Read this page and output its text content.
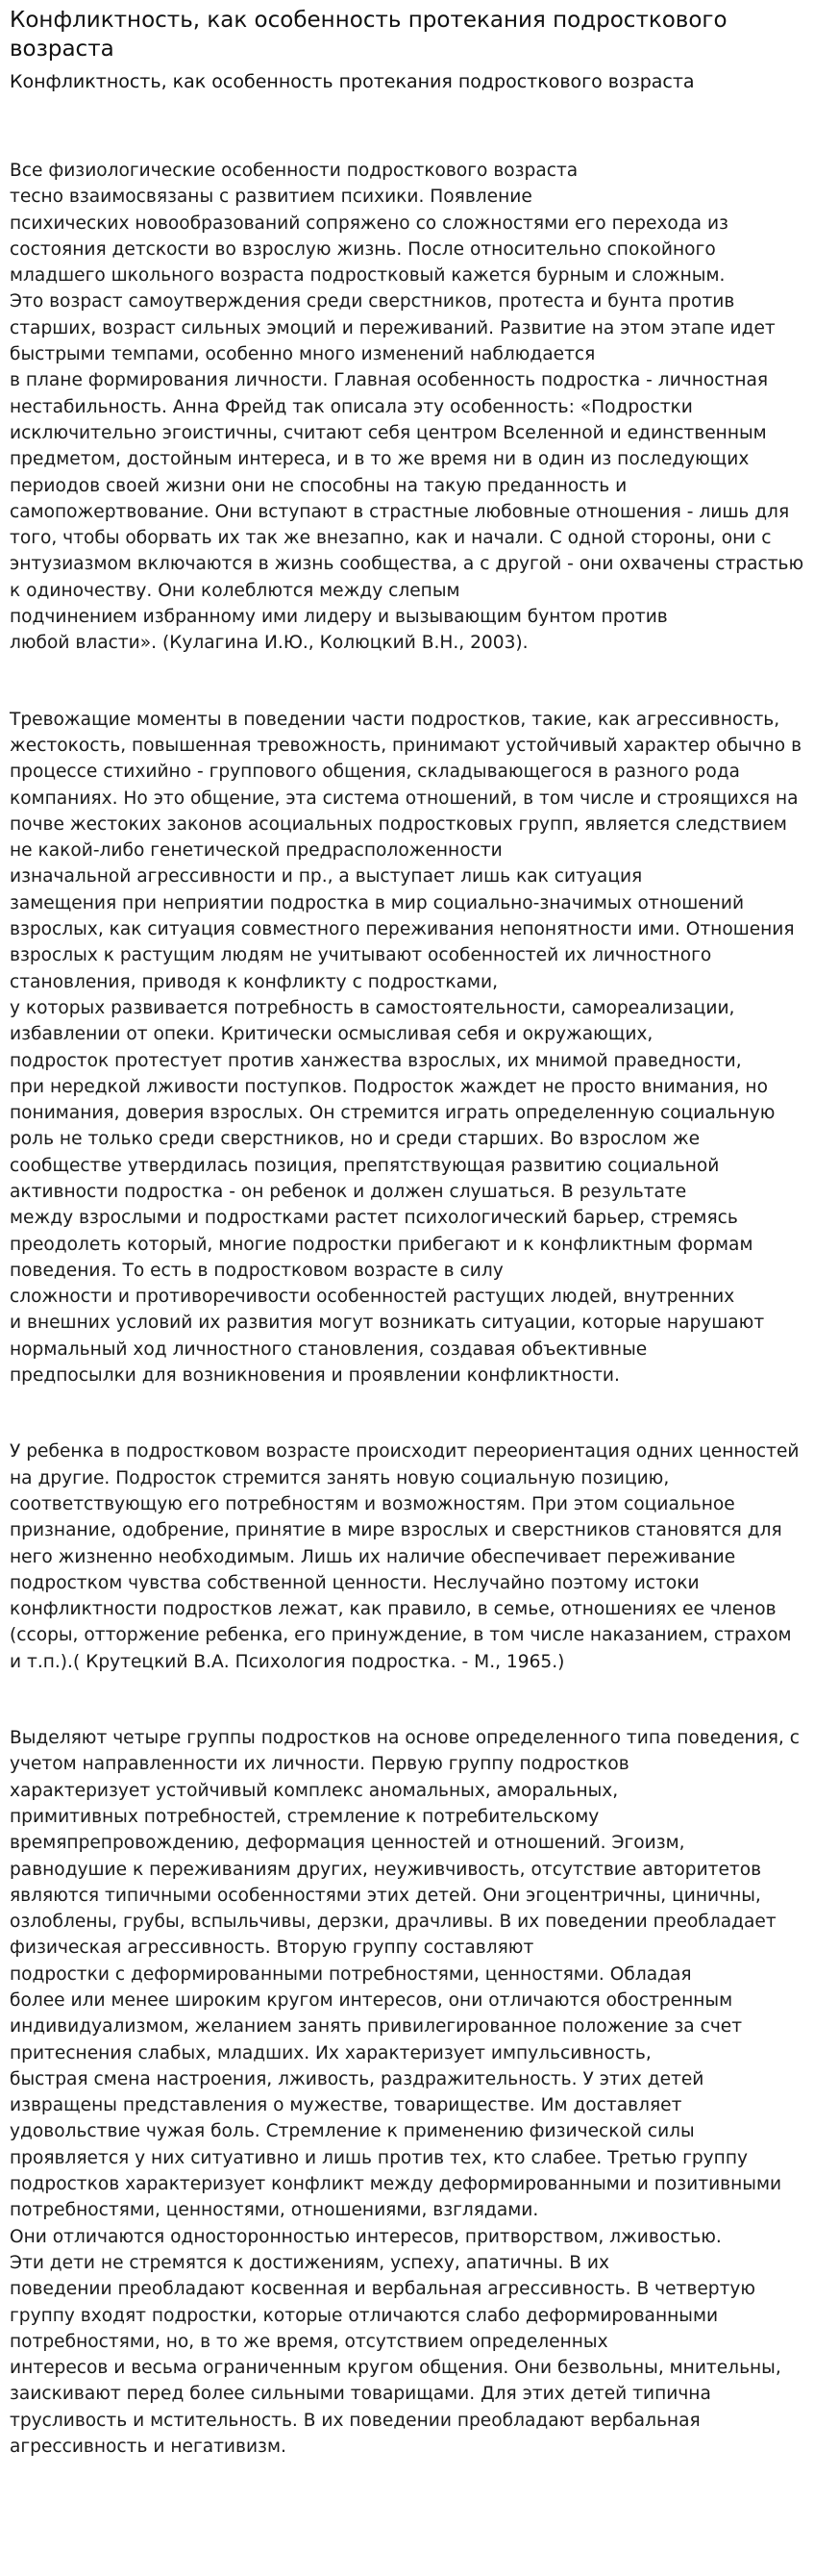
Конфликтность, как особенность протекания подросткового возраста
Конфликтность, как особенность протекания подросткового возраста

Все физиологические особенности подросткового возраста
тесно взаимосвязаны с развитием психики. Появление
психических новообразований сопряжено со сложностями его перехода из состояния детскости во взрослую жизнь. После относительно спокойного младшего школьного возраста подростковый кажется бурным и сложным.
Это возраст самоутверждения среди сверстников, протеста и бунта против старших, возраст сильных эмоций и переживаний. Развитие на этом этапе идет быстрыми темпами, особенно много изменений наблюдается
в плане формирования личности. Главная особенность подростка - личностная нестабильность. Анна Фрейд так описала эту особенность: «Подростки исключительно эгоистичны, считают себя центром Вселенной и единственным предметом, достойным интереса, и в то же время ни в один из последующих периодов своей жизни они не способны на такую преданность и самопожертвование. Они вступают в страстные любовные отношения - лишь для того, чтобы оборвать их так же внезапно, как и начали. С одной стороны, они с энтузиазмом включаются в жизнь сообщества, а с другой - они охвачены страстью к одиночеству. Они колеблются между слепым
подчинением избранному ими лидеру и вызывающим бунтом против
любой власти». (Кулагина И.Ю., Колюцкий В.Н., 2003).

Тревожащие моменты в поведении части подростков, такие, как агрессивность, жестокость, повышенная тревожность, принимают устойчивый характер обычно в процессе стихийно - группового общения, складывающегося в разного рода компаниях. Но это общение, эта система отношений, в том числе и строящихся на почве жестоких законов асоциальных подростковых групп, является следствием не какой-либо генетической предрасположенности
изначальной агрессивности и пр., а выступает лишь как ситуация
замещения при неприятии подростка в мир социально-значимых отношений взрослых, как ситуация совместного переживания непонятности ими. Отношения взрослых к растущим людям не учитывают особенностей их личностного становления, приводя к конфликту с подростками,
у которых развивается потребность в самостоятельности, самореализации, избавлении от опеки. Критически осмысливая себя и окружающих,
подросток протестует против ханжества взрослых, их мнимой праведности,
при нередкой лживости поступков. Подросток жаждет не просто внимания, но понимания, доверия взрослых. Он стремится играть определенную социальную роль не только среди сверстников, но и среди старших. Во взрослом же сообществе утвердилась позиция, препятствующая развитию социальной активности подростка - он ребенок и должен слушаться. В результате
между взрослыми и подростками растет психологический барьер, стремясь преодолеть который, многие подростки прибегают и к конфликтным формам поведения. То есть в подростковом возрасте в силу
сложности и противоречивости особенностей растущих людей, внутренних
и внешних условий их развития могут возникать ситуации, которые нарушают нормальный ход личностного становления, создавая объективные
предпосылки для возникновения и проявлении конфликтности.

У ребенка в подростковом возрасте происходит переориентация одних ценностей на другие. Подросток стремится занять новую социальную позицию, соответствующую его потребностям и возможностям. При этом социальное признание, одобрение, принятие в мире взрослых и сверстников становятся для него жизненно необходимым. Лишь их наличие обеспечивает переживание подростком чувства собственной ценности. Неслучайно поэтому истоки конфликтности подростков лежат, как правило, в семье, отношениях ее членов (ссоры, отторжение ребенка, его принуждение, в том числе наказанием, страхом и т.п.).( Крутецкий В.А. Психология подростка. - М., 1965.)

Выделяют четыре группы подростков на основе определенного типа поведения, с учетом направленности их личности. Первую группу подростков
характеризует устойчивый комплекс аномальных, аморальных,
примитивных потребностей, стремление к потребительскому
времяпрепровождению, деформация ценностей и отношений. Эгоизм, равнодушие к переживаниям других, неуживчивость, отсутствие авторитетов являются типичными особенностями этих детей. Они эгоцентричны, циничны, озлоблены, грубы, вспыльчивы, дерзки, драчливы. В их поведении преобладает физическая агрессивность. Вторую группу составляют
подростки с деформированными потребностями, ценностями. Обладая
более или менее широким кругом интересов, они отличаются обостренным индивидуализмом, желанием занять привилегированное положение за счет притеснения слабых, младших. Их характеризует импульсивность,
быстрая смена настроения, лживость, раздражительность. У этих детей извращены представления о мужестве, товариществе. Им доставляет удовольствие чужая боль. Стремление к применению физической силы проявляется у них ситуативно и лишь против тех, кто слабее. Третью группу подростков характеризует конфликт между деформированными и позитивными потребностями, ценностями, отношениями, взглядами.
Они отличаются односторонностью интересов, притворством, лживостью.
Эти дети не стремятся к достижениям, успеху, апатичны. В их
поведении преобладают косвенная и вербальная агрессивность. В четвертую группу входят подростки, которые отличаются слабо деформированными потребностями, но, в то же время, отсутствием определенных
интересов и весьма ограниченным кругом общения. Они безвольны, мнительны, заискивают перед более сильными товарищами. Для этих детей типична трусливость и мстительность. В их поведении преобладают вербальная агрессивность и негативизм.
